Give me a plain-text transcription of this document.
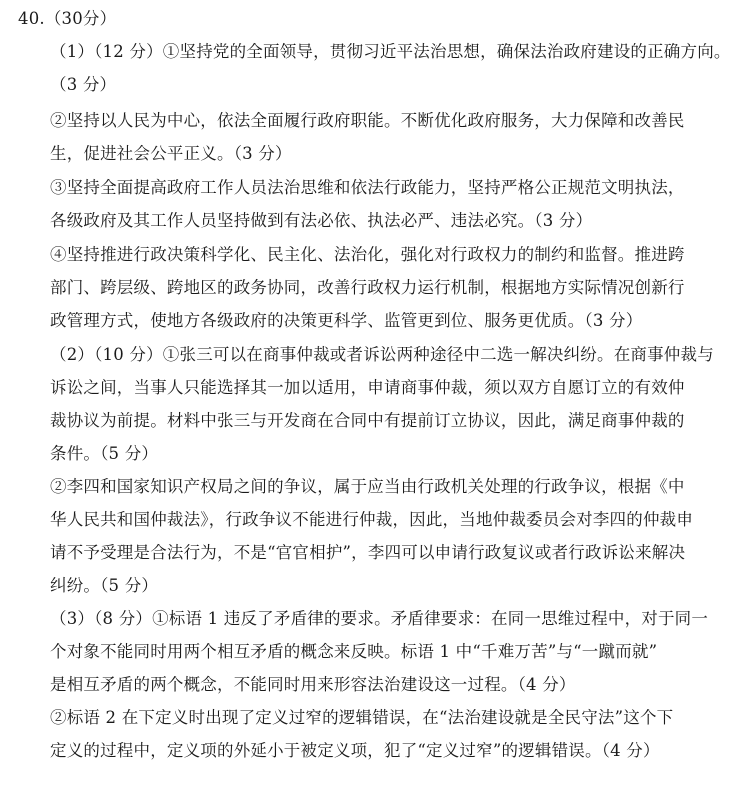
40.（30分）
（1）（12 分）①坚持党的全面领导，贯彻习近平法治思想，确保法治政府建设的正确方向。
（3 分）
②坚持以人民为中心，依法全面履行政府职能。不断优化政府服务，大力保障和改善民
生，促进社会公平正义。（3 分）
③坚持全面提高政府工作人员法治思维和依法行政能力，坚持严格公正规范文明执法，
各级政府及其工作人员坚持做到有法必依、执法必严、违法必究。（3 分）
④坚持推进行政决策科学化、民主化、法治化，强化对行政权力的制约和监督。推进跨
部门、跨层级、跨地区的政务协同，改善行政权力运行机制，根据地方实际情况创新行
政管理方式，使地方各级政府的决策更科学、监管更到位、服务更优质。（3 分）
（2）（10 分）①张三可以在商事仲裁或者诉讼两种途径中二选一解决纠纷。在商事仲裁与
诉讼之间，当事人只能选择其一加以适用，申请商事仲裁，须以双方自愿订立的有效仲
裁协议为前提。材料中张三与开发商在合同中有提前订立协议，因此，满足商事仲裁的
条件。（5 分）
②李四和国家知识产权局之间的争议，属于应当由行政机关处理的行政争议，根据《中
华人民共和国仲裁法》，行政争议不能进行仲裁，因此，当地仲裁委员会对李四的仲裁申
请不予受理是合法行为，不是“官官相护”，李四可以申请行政复议或者行政诉讼来解决
纠纷。（5 分）
（3）（8 分）①标语 1 违反了矛盾律的要求。矛盾律要求：在同一思维过程中，对于同一
个对象不能同时用两个相互矛盾的概念来反映。标语 1 中“千难万苦”与“一蹴而就”
是相互矛盾的两个概念，不能同时用来形容法治建设这一过程。（4 分）
②标语 2 在下定义时出现了定义过窄的逻辑错误，在“法治建设就是全民守法”这个下
定义的过程中，定义项的外延小于被定义项，犯了“定义过窄”的逻辑错误。（4 分）
